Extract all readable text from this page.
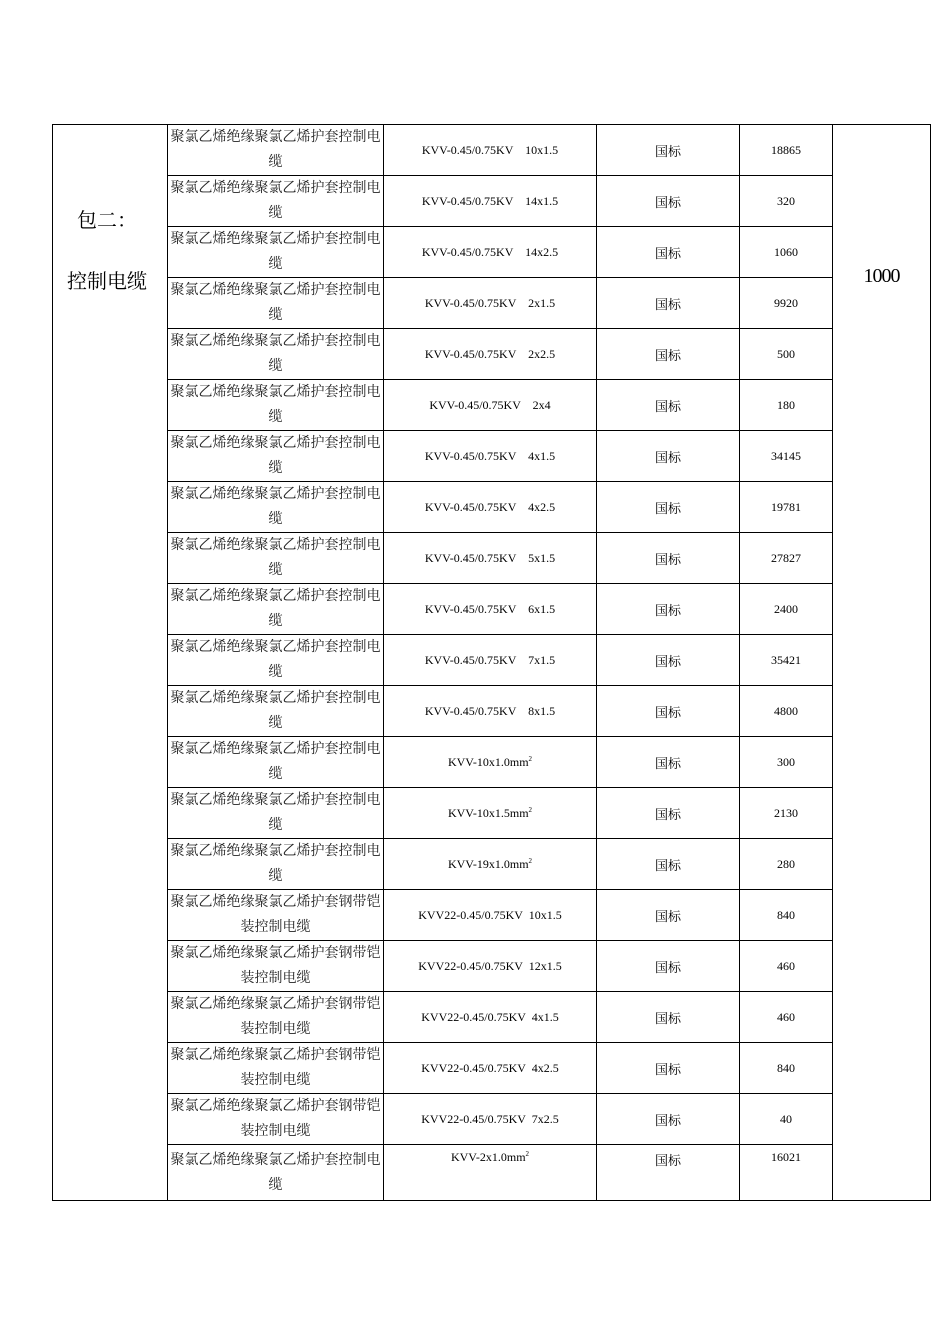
包二：
控制电缆	聚氯乙烯绝缘聚氯乙烯护套控制电缆	KVV-0.45/0.75KV    10x1.5	国标	18865	1000

	聚氯乙烯绝缘聚氯乙烯护套控制电缆	KVV-0.45/0.75KV    14x1.5	国标	320	
	聚氯乙烯绝缘聚氯乙烯护套控制电缆	KVV-0.45/0.75KV    14x2.5	国标	1060	
	聚氯乙烯绝缘聚氯乙烯护套控制电缆	KVV-0.45/0.75KV    2x1.5	国标	9920	
	聚氯乙烯绝缘聚氯乙烯护套控制电缆	KVV-0.45/0.75KV    2x2.5	国标	500	
	聚氯乙烯绝缘聚氯乙烯护套控制电缆	KVV-0.45/0.75KV    2x4	国标	180	
	聚氯乙烯绝缘聚氯乙烯护套控制电缆	KVV-0.45/0.75KV    4x1.5	国标	34145	
	聚氯乙烯绝缘聚氯乙烯护套控制电缆	KVV-0.45/0.75KV    4x2.5	国标	19781	
	聚氯乙烯绝缘聚氯乙烯护套控制电缆	KVV-0.45/0.75KV    5x1.5	国标	27827	
	聚氯乙烯绝缘聚氯乙烯护套控制电缆	KVV-0.45/0.75KV    6x1.5	国标	2400	
	聚氯乙烯绝缘聚氯乙烯护套控制电缆	KVV-0.45/0.75KV    7x1.5	国标	35421	
	聚氯乙烯绝缘聚氯乙烯护套控制电缆	KVV-0.45/0.75KV    8x1.5	国标	4800	
	聚氯乙烯绝缘聚氯乙烯护套控制电缆	KVV-$10x1.0mm^2$	国标	300	
	聚氯乙烯绝缘聚氯乙烯护套控制电缆	KVV-$10x1.5mm^2$	国标	2130	
	聚氯乙烯绝缘聚氯乙烯护套控制电缆	KVV-$19x1.0mm^2$	国标	280	
	聚氯乙烯绝缘聚氯乙烯护套钢带铠装控制电缆	KVV22-0.45/0.75KV  10x1.5	国标	840	
	聚氯乙烯绝缘聚氯乙烯护套钢带铠装控制电缆	KVV22-0.45/0.75KV  12x1.5	国标	460	
	聚氯乙烯绝缘聚氯乙烯护套钢带铠装控制电缆	KVV22-0.45/0.75KV  4x1.5	国标	460	
	聚氯乙烯绝缘聚氯乙烯护套钢带铠装控制电缆	KVV22-0.45/0.75KV  4x2.5	国标	840	
	聚氯乙烯绝缘聚氯乙烯护套钢带铠装控制电缆	KVV22-0.45/0.75KV  7x2.5	国标	40	
	聚氯乙烯绝缘聚氯乙烯护套控制电缆	KVV-$2x1.0mm^2$	国标	16021	
